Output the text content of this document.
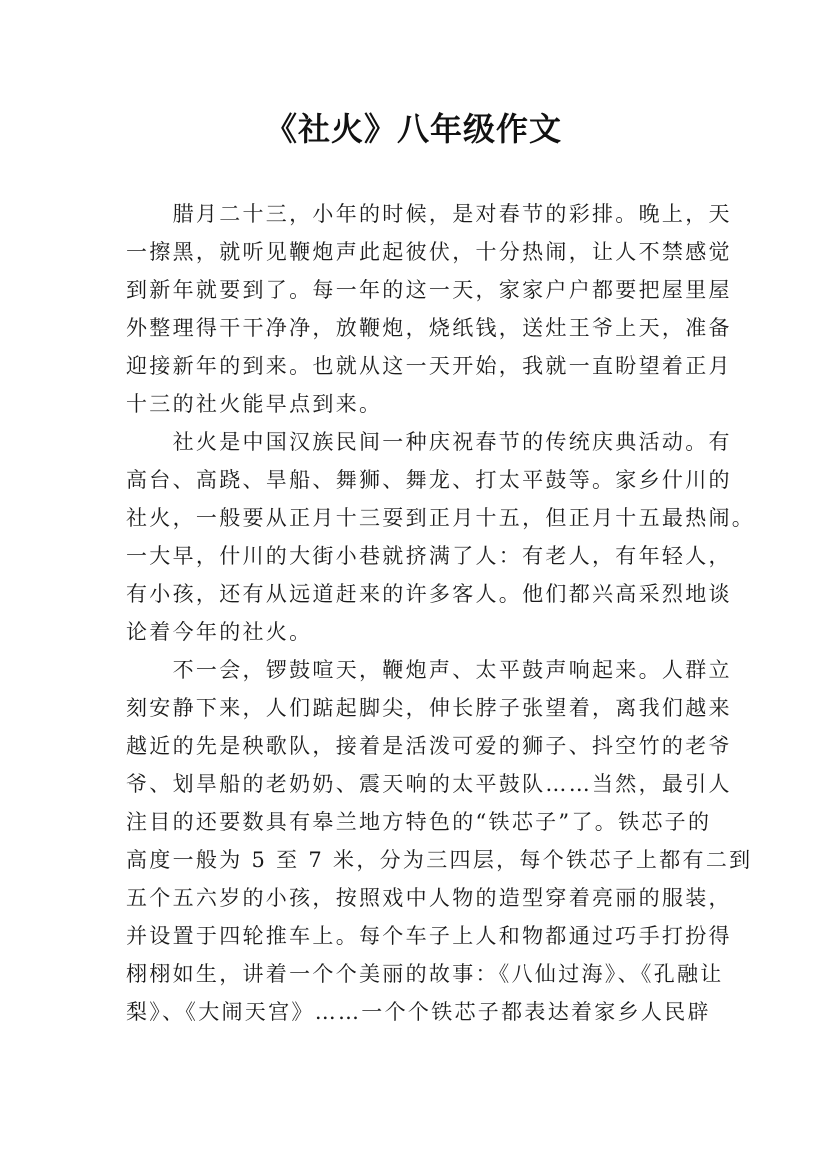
《社火》八年级作文
　　腊月二十三，小年的时候，是对春节的彩排。晚上，天
一擦黑，就听见鞭炮声此起彼伏，十分热闹，让人不禁感觉
到新年就要到了。每一年的这一天，家家户户都要把屋里屋
外整理得干干净净，放鞭炮，烧纸钱，送灶王爷上天，准备
迎接新年的到来。也就从这一天开始，我就一直盼望着正月
十三的社火能早点到来。
　　社火是中国汉族民间一种庆祝春节的传统庆典活动。有
高台、高跷、旱船、舞狮、舞龙、打太平鼓等。家乡什川的
社火，一般要从正月十三耍到正月十五，但正月十五最热闹。
一大早，什川的大街小巷就挤满了人：有老人，有年轻人，
有小孩，还有从远道赶来的许多客人。他们都兴高采烈地谈
论着今年的社火。
　　不一会，锣鼓喧天，鞭炮声、太平鼓声响起来。人群立
刻安静下来，人们踮起脚尖，伸长脖子张望着，离我们越来
越近的先是秧歌队，接着是活泼可爱的狮子、抖空竹的老爷
爷、划旱船的老奶奶、震天响的太平鼓队……当然，最引人
注目的还要数具有皋兰地方特色的“铁芯子”了。铁芯子的
高度一般为 5 至 7 米，分为三四层，每个铁芯子上都有二到
五个五六岁的小孩，按照戏中人物的造型穿着亮丽的服装，
并设置于四轮推车上。每个车子上人和物都通过巧手打扮得
栩栩如生，讲着一个个美丽的故事：《八仙过海》、《孔融让
梨》、《大闹天宫》……一个个铁芯子都表达着家乡人民辟
